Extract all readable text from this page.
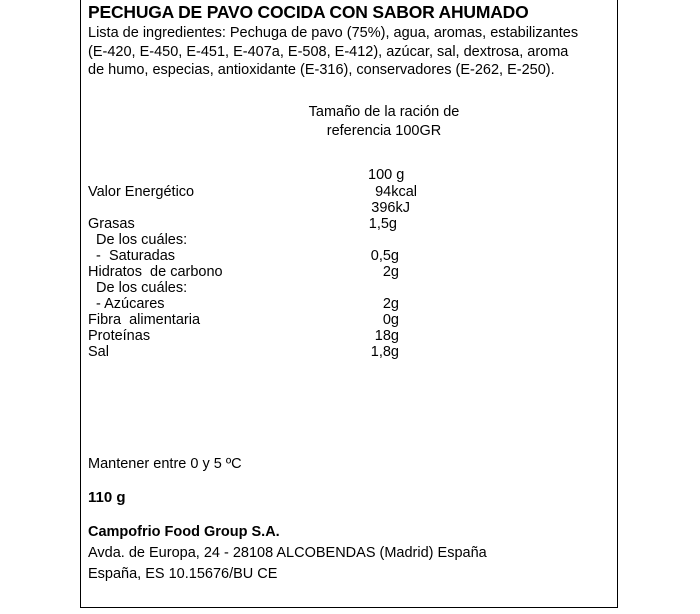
PECHUGA DE PAVO COCIDA CON SABOR AHUMADO
Lista de ingredientes: Pechuga de pavo (75%), agua, aromas, estabilizantes (E-420, E-450, E-451, E-407a, E-508, E-412), azúcar, sal, dextrosa, aroma de humo, especias, antioxidante (E-316), conservadores (E-262, E-250).
Tamaño de la ración de
referencia 100GR
100 g
Valor Energético	94kcal
396kJ
Grasas	1,5g
De los cuáles:
-  Saturadas	0,5g
Hidratos  de carbono	2g
De los cuáles:
- Azúcares	2g
Fibra  alimentaria	0g
Proteínas	18g
Sal	1,8g
Mantener entre 0 y 5 ºC
110 g
Campofrio Food Group S.A.
Avda. de Europa, 24 - 28108 ALCOBENDAS (Madrid) España
España, ES 10.15676/BU CE
